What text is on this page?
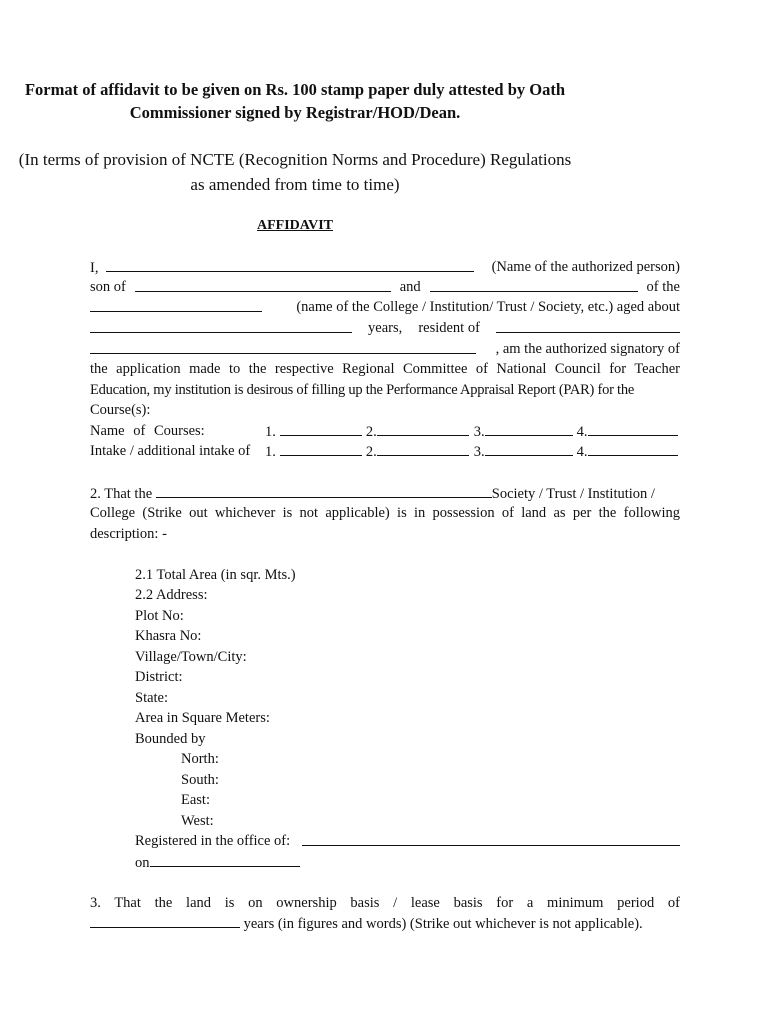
Format of affidavit to be given on Rs. 100 stamp paper duly attested by Oath
Commissioner signed by Registrar/HOD/Dean.
(In terms of provision of NCTE (Recognition Norms and Procedure) Regulations
as amended from time to time)
AFFIDAVIT
I,	(Name of the authorized person)
son of	and	of the
(name of the College / Institution/ Trust / Society, etc.) aged about
years, resident of
, am the authorized signatory of
the application made to the respective Regional Committee of National Council for Teacher
Education, my institution is desirous of filling up the Performance Appraisal Report (PAR) for the
Course(s):
Name of Courses:	1.	2.	3.	4.
Intake / additional intake of	1.	2.	3.	4.
2. That the	Society / Trust / Institution /
College (Strike out whichever is not applicable) is in possession of land as per the following
description: -
2.1 Total Area (in sqr. Mts.)
2.2 Address:
Plot No:
Khasra No:
Village/Town/City:
District:
State:
Area in Square Meters:
Bounded by
North:
South:
East:
West:
Registered in the office of:
on
3. That the land is on ownership basis / lease basis for a minimum period of
years (in figures and words) (Strike out whichever is not applicable).
